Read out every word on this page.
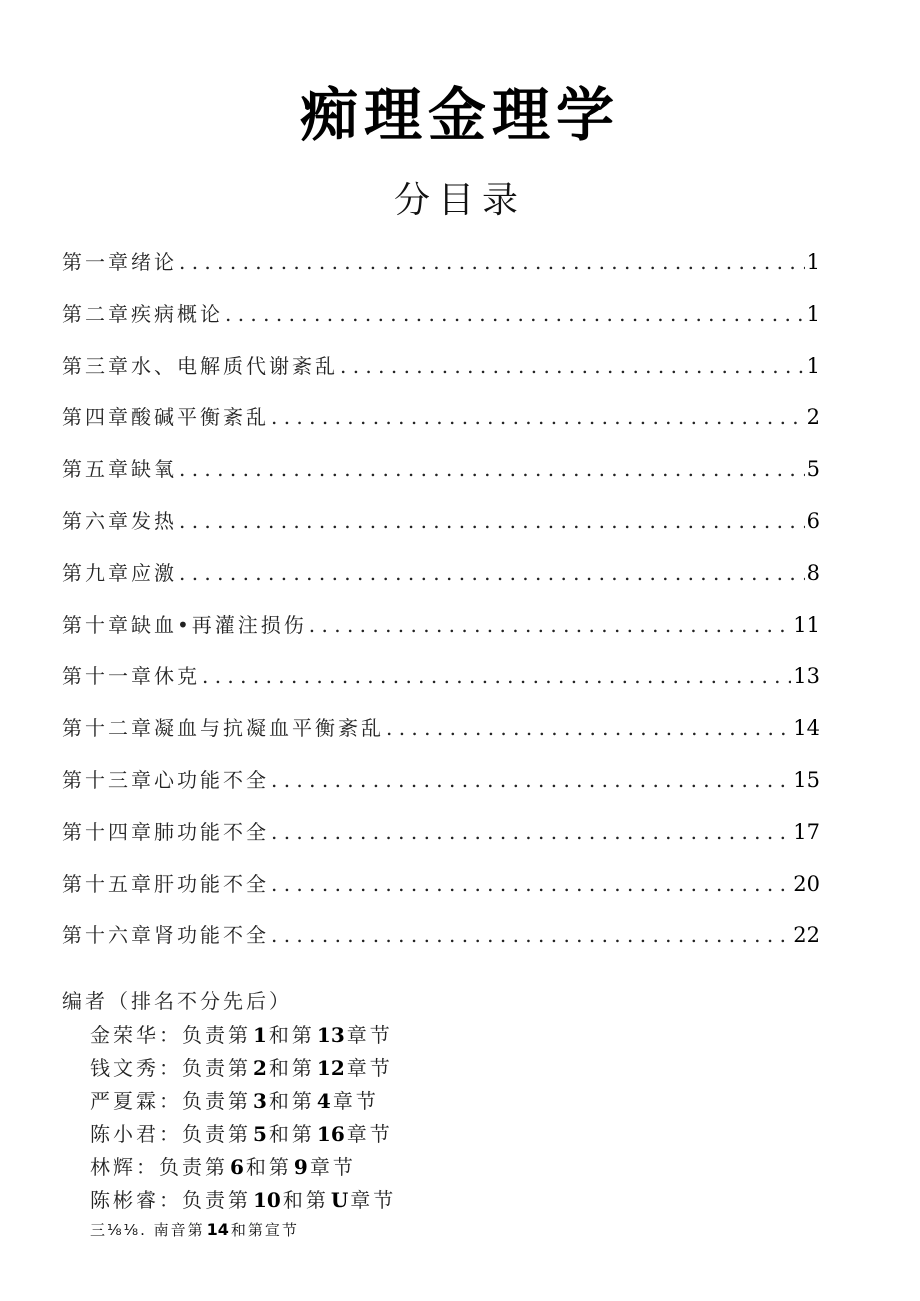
痴理金理学
分目录
第一章绪论 . . .	1
第二章疾病概论 . . .	1
第三章水、电解质代谢紊乱 . . .	1
第四章酸碱平衡紊乱 . . .	2
第五章缺氧 . . .	5
第六章发热 . . .	6
第九章应激 . . .	8
第十章缺血•再灌注损伤 . . .	11
第十一章休克 . . .	13
第十二章凝血与抗凝血平衡紊乱 . . .	14
第十三章心功能不全 . . .	15
第十四章肺功能不全 . . .	17
第十五章肝功能不全 . . .	20
第十六章肾功能不全 . . .	22
编者（排名不分先后）
金荣华：负责第 1 和第 13 章节
钱文秀：负责第 2 和第 12 章节
严夏霖：负责第 3 和第 4 章节
陈小君：负责第 5 和第 16 章节
林辉：负责第 6 和第 9 章节
陈彬睿：负责第 10 和第 U 章节
三⅛⅛. 南音第 14 和第宣节
